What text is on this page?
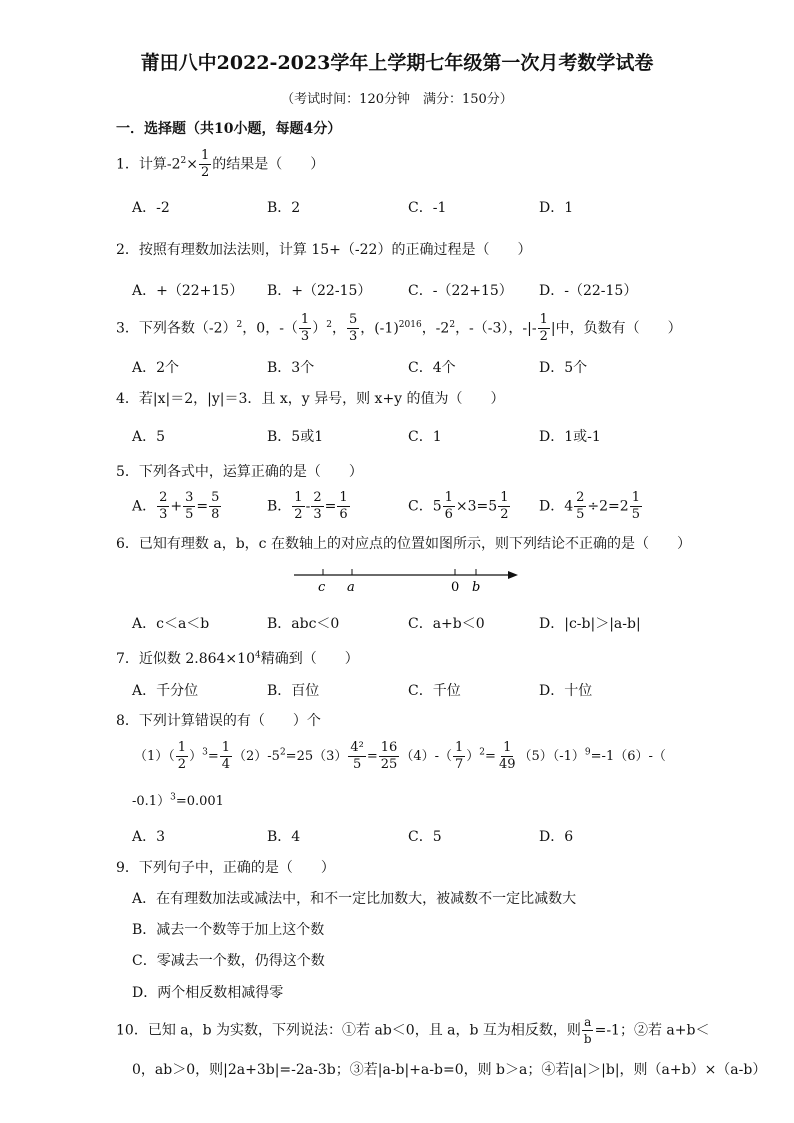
莆田八中2022-2023学年上学期七年级第一次月考数学试卷
（考试时间：120分钟　满分：150分）
一．选择题（共10小题，每题4分）
1．计算$-2^2\times \frac{1}{2}$ 的结果是（　　）
A．-2	B．2	C．-1	D．1
2．按照有理数加法法则，计算 15+（-22）的正确过程是（　　）
A．+（22+15） B．+（22-15）	C．-（22+15） D．-（22-15）
3．下列各数$(-2)^2$，0，-（ $\frac{1}{3} )^2$， $\frac{5}{3}$ ，$(-1)^{2016}$，$-2^2$，-（-3），-|- $\frac{1}{2}$ |中，负数有（　　）
A．2个	B．3个	C．4个	D．5个
4．若|x|＝2，|y|＝3．且 x，y 异号，则 x+y 的值为（　　）
A．5	B．5或1	C．1	D．1或-1
5．下列各式中，运算正确的是（　　）
A． $\frac{2}{3} + \frac{3}{5} = \frac{5}{8}$	B． $\frac{1}{2} - \frac{2}{3} = \frac{1}{6}$	C．$5 \frac{1}{6} \times 3=5 \frac{1}{2}$ D．$4 \frac{2}{5} \div 2=2 \frac{1}{5}$
6．已知有理数 a，b，c 在数轴上的对应点的位置如图所示，则下列结论不正确的是（　　）
c a	0 b
A．c＜a＜b	B．abc＜0	C．a+b＜0	D．|c-b|＞|a-b|
7．近似数 $2.864\times 10^4$精确到（　　）
A．千分位	B．百位	C．千位	D．十位
8．下列计算错误的有（　　）个
$(1)( \frac{1}{2} )^3= \frac{1}{4} (2)-5^2=25(3) \frac{\text{4²}}{5} = \frac{16}{25} (4)-( \frac{1}{7} )^2= \frac{1}{49} (5)(-1)^9=-1(6)-$（
-0.1）$^3$=0.001
A．3	B．4	C．5	D．6
9．下列句子中，正确的是（　　）
A．在有理数加法或减法中，和不一定比加数大，被减数不一定比减数大
B．减去一个数等于加上这个数
C．零减去一个数，仍得这个数
D．两个相反数相减得零
10．已知 a，b 为实数，下列说法：①若 ab＜0，且 a，b 互为相反数，则 $\frac{a}{b} =-1$；②若 a+b＜
0，ab＞0，则|2a+3b|=-2a-3b；③若|a-b|+a-b=0，则 b＞a；④若|a|＞|b|，则（a+b）×（a-b）
